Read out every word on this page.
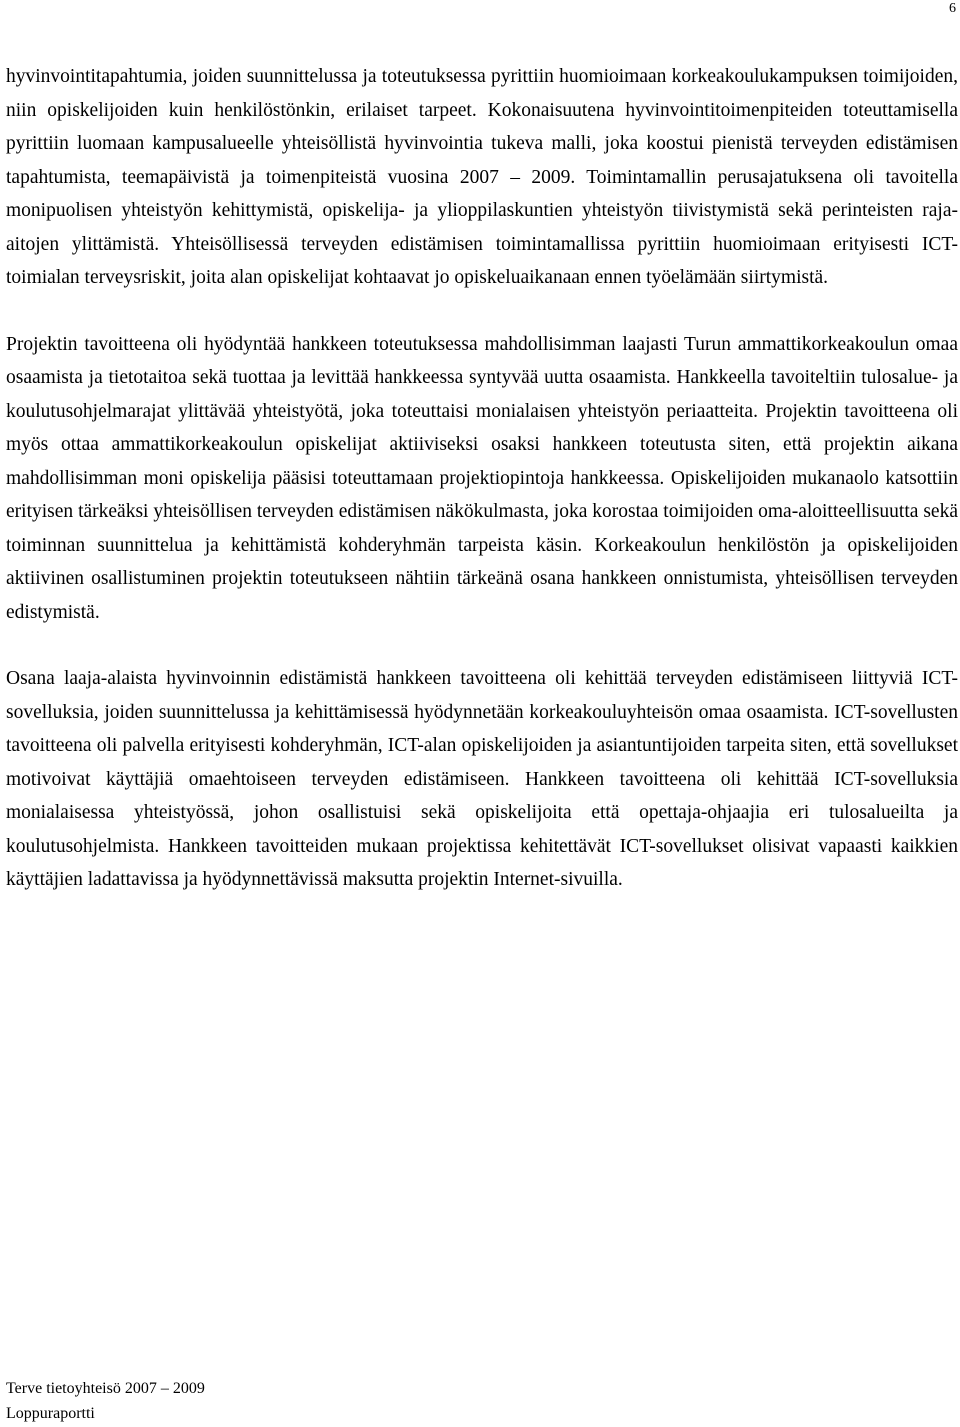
6

hyvinvointitapahtumia, joiden suunnittelussa ja toteutuksessa pyrittiin huomioimaan korkeakoulukampuksen toimijoiden, niin opiskelijoiden kuin henkilöstönkin, erilaiset tarpeet. Kokonaisuutena hyvinvointitoimenpiteiden toteuttamisella pyrittiin luomaan kampusalueelle yhteisöllistä hyvinvointia tukeva malli, joka koostui pienistä terveyden edistämisen tapahtumista, teemapäivistä ja toimenpiteistä vuosina 2007 – 2009. Toimintamallin perusajatuksena oli tavoitella monipuolisen yhteistyön kehittymistä, opiskelija- ja ylioppilaskuntien yhteistyön tiivistymistä sekä perinteisten raja-aitojen ylittämistä. Yhteisöllisessä terveyden edistämisen toimintamallissa pyrittiin huomioimaan erityisesti ICT-toimialan terveysriskit, joita alan opiskelijat kohtaavat jo opiskeluaikanaan ennen työelämään siirtymistä.

Projektin tavoitteena oli hyödyntää hankkeen toteutuksessa mahdollisimman laajasti Turun ammattikorkeakoulun omaa osaamista ja tietotaitoa sekä tuottaa ja levittää hankkeessa syntyvää uutta osaamista. Hankkeella tavoiteltiin tulosalue- ja koulutusohjelmarajat ylittävää yhteistyötä, joka toteuttaisi monialaisen yhteistyön periaatteita. Projektin tavoitteena oli myös ottaa ammattikorkeakoulun opiskelijat aktiiviseksi osaksi hankkeen toteutusta siten, että projektin aikana mahdollisimman moni opiskelija pääsisi toteuttamaan projektiopintoja hankkeessa. Opiskelijoiden mukanaolo katsottiin erityisen tärkeäksi yhteisöllisen terveyden edistämisen näkökulmasta, joka korostaa toimijoiden oma-aloitteellisuutta sekä toiminnan suunnittelua ja kehittämistä kohderyhmän tarpeista käsin. Korkeakoulun henkilöstön ja opiskelijoiden aktiivinen osallistuminen projektin toteutukseen nähtiin tärkeänä osana hankkeen onnistumista, yhteisöllisen terveyden edistymistä.

Osana laaja-alaista hyvinvoinnin edistämistä hankkeen tavoitteena oli kehittää terveyden edistämiseen liittyviä ICT-sovelluksia, joiden suunnittelussa ja kehittämisessä hyödynnetään korkeakouluyhteisön omaa osaamista. ICT-sovellusten tavoitteena oli palvella erityisesti kohderyhmän, ICT-alan opiskelijoiden ja asiantuntijoiden tarpeita siten, että sovellukset motivoivat käyttäjiä omaehtoiseen terveyden edistämiseen. Hankkeen tavoitteena oli kehittää ICT-sovelluksia monialaisessa yhteistyössä, johon osallistuisi sekä opiskelijoita että opettaja-ohjaajia eri tulosalueilta ja koulutusohjelmista. Hankkeen tavoitteiden mukaan projektissa kehitettävät ICT-sovellukset olisivat vapaasti kaikkien käyttäjien ladattavissa ja hyödynnettävissä maksutta projektin Internet-sivuilla.

Terve tietoyhteisö 2007 – 2009
Loppuraportti
